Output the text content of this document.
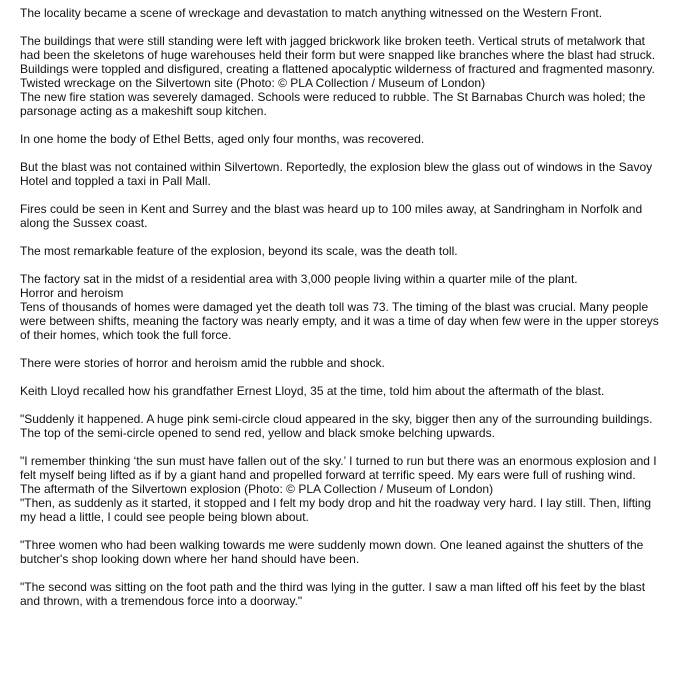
The locality became a scene of wreckage and devastation to match anything witnessed on the Western Front.

The buildings that were still standing were left with jagged brickwork like broken teeth. Vertical struts of metalwork that had been the skeletons of huge warehouses held their form but were snapped like branches where the blast had struck. Buildings were toppled and disfigured, creating a flattened apocalyptic wilderness of fractured and fragmented masonry.

Twisted wreckage on the Silvertown site (Photo: © PLA Collection / Museum of London)

The new fire station was severely damaged. Schools were reduced to rubble. The St Barnabas Church was holed; the parsonage acting as a makeshift soup kitchen.

In one home the body of Ethel Betts, aged only four months, was recovered.

But the blast was not contained within Silvertown. Reportedly, the explosion blew the glass out of windows in the Savoy Hotel and toppled a taxi in Pall Mall.

Fires could be seen in Kent and Surrey and the blast was heard up to 100 miles away, at Sandringham in Norfolk and along the Sussex coast.

The most remarkable feature of the explosion, beyond its scale, was the death toll.

The factory sat in the midst of a residential area with 3,000 people living within a quarter mile of the plant.

Horror and heroism

Tens of thousands of homes were damaged yet the death toll was 73. The timing of the blast was crucial. Many people were between shifts, meaning the factory was nearly empty, and it was a time of day when few were in the upper storeys of their homes, which took the full force.

There were stories of horror and heroism amid the rubble and shock.

Keith Lloyd recalled how his grandfather Ernest Lloyd, 35 at the time, told him about the aftermath of the blast.

"Suddenly it happened. A huge pink semi-circle cloud appeared in the sky, bigger then any of the surrounding buildings. The top of the semi-circle opened to send red, yellow and black smoke belching upwards.

"I remember thinking ‘the sun must have fallen out of the sky.’ I turned to run but there was an enormous explosion and I felt myself being lifted as if by a giant hand and propelled forward at terrific speed. My ears were full of rushing wind.

The aftermath of the Silvertown explosion (Photo: © PLA Collection / Museum of London)

"Then, as suddenly as it started, it stopped and I felt my body drop and hit the roadway very hard. I lay still. Then, lifting my head a little, I could see people being blown about.

"Three women who had been walking towards me were suddenly mown down. One leaned against the shutters of the butcher's shop looking down where her hand should have been.

"The second was sitting on the foot path and the third was lying in the gutter. I saw a man lifted off his feet by the blast and thrown, with a tremendous force into a doorway."
